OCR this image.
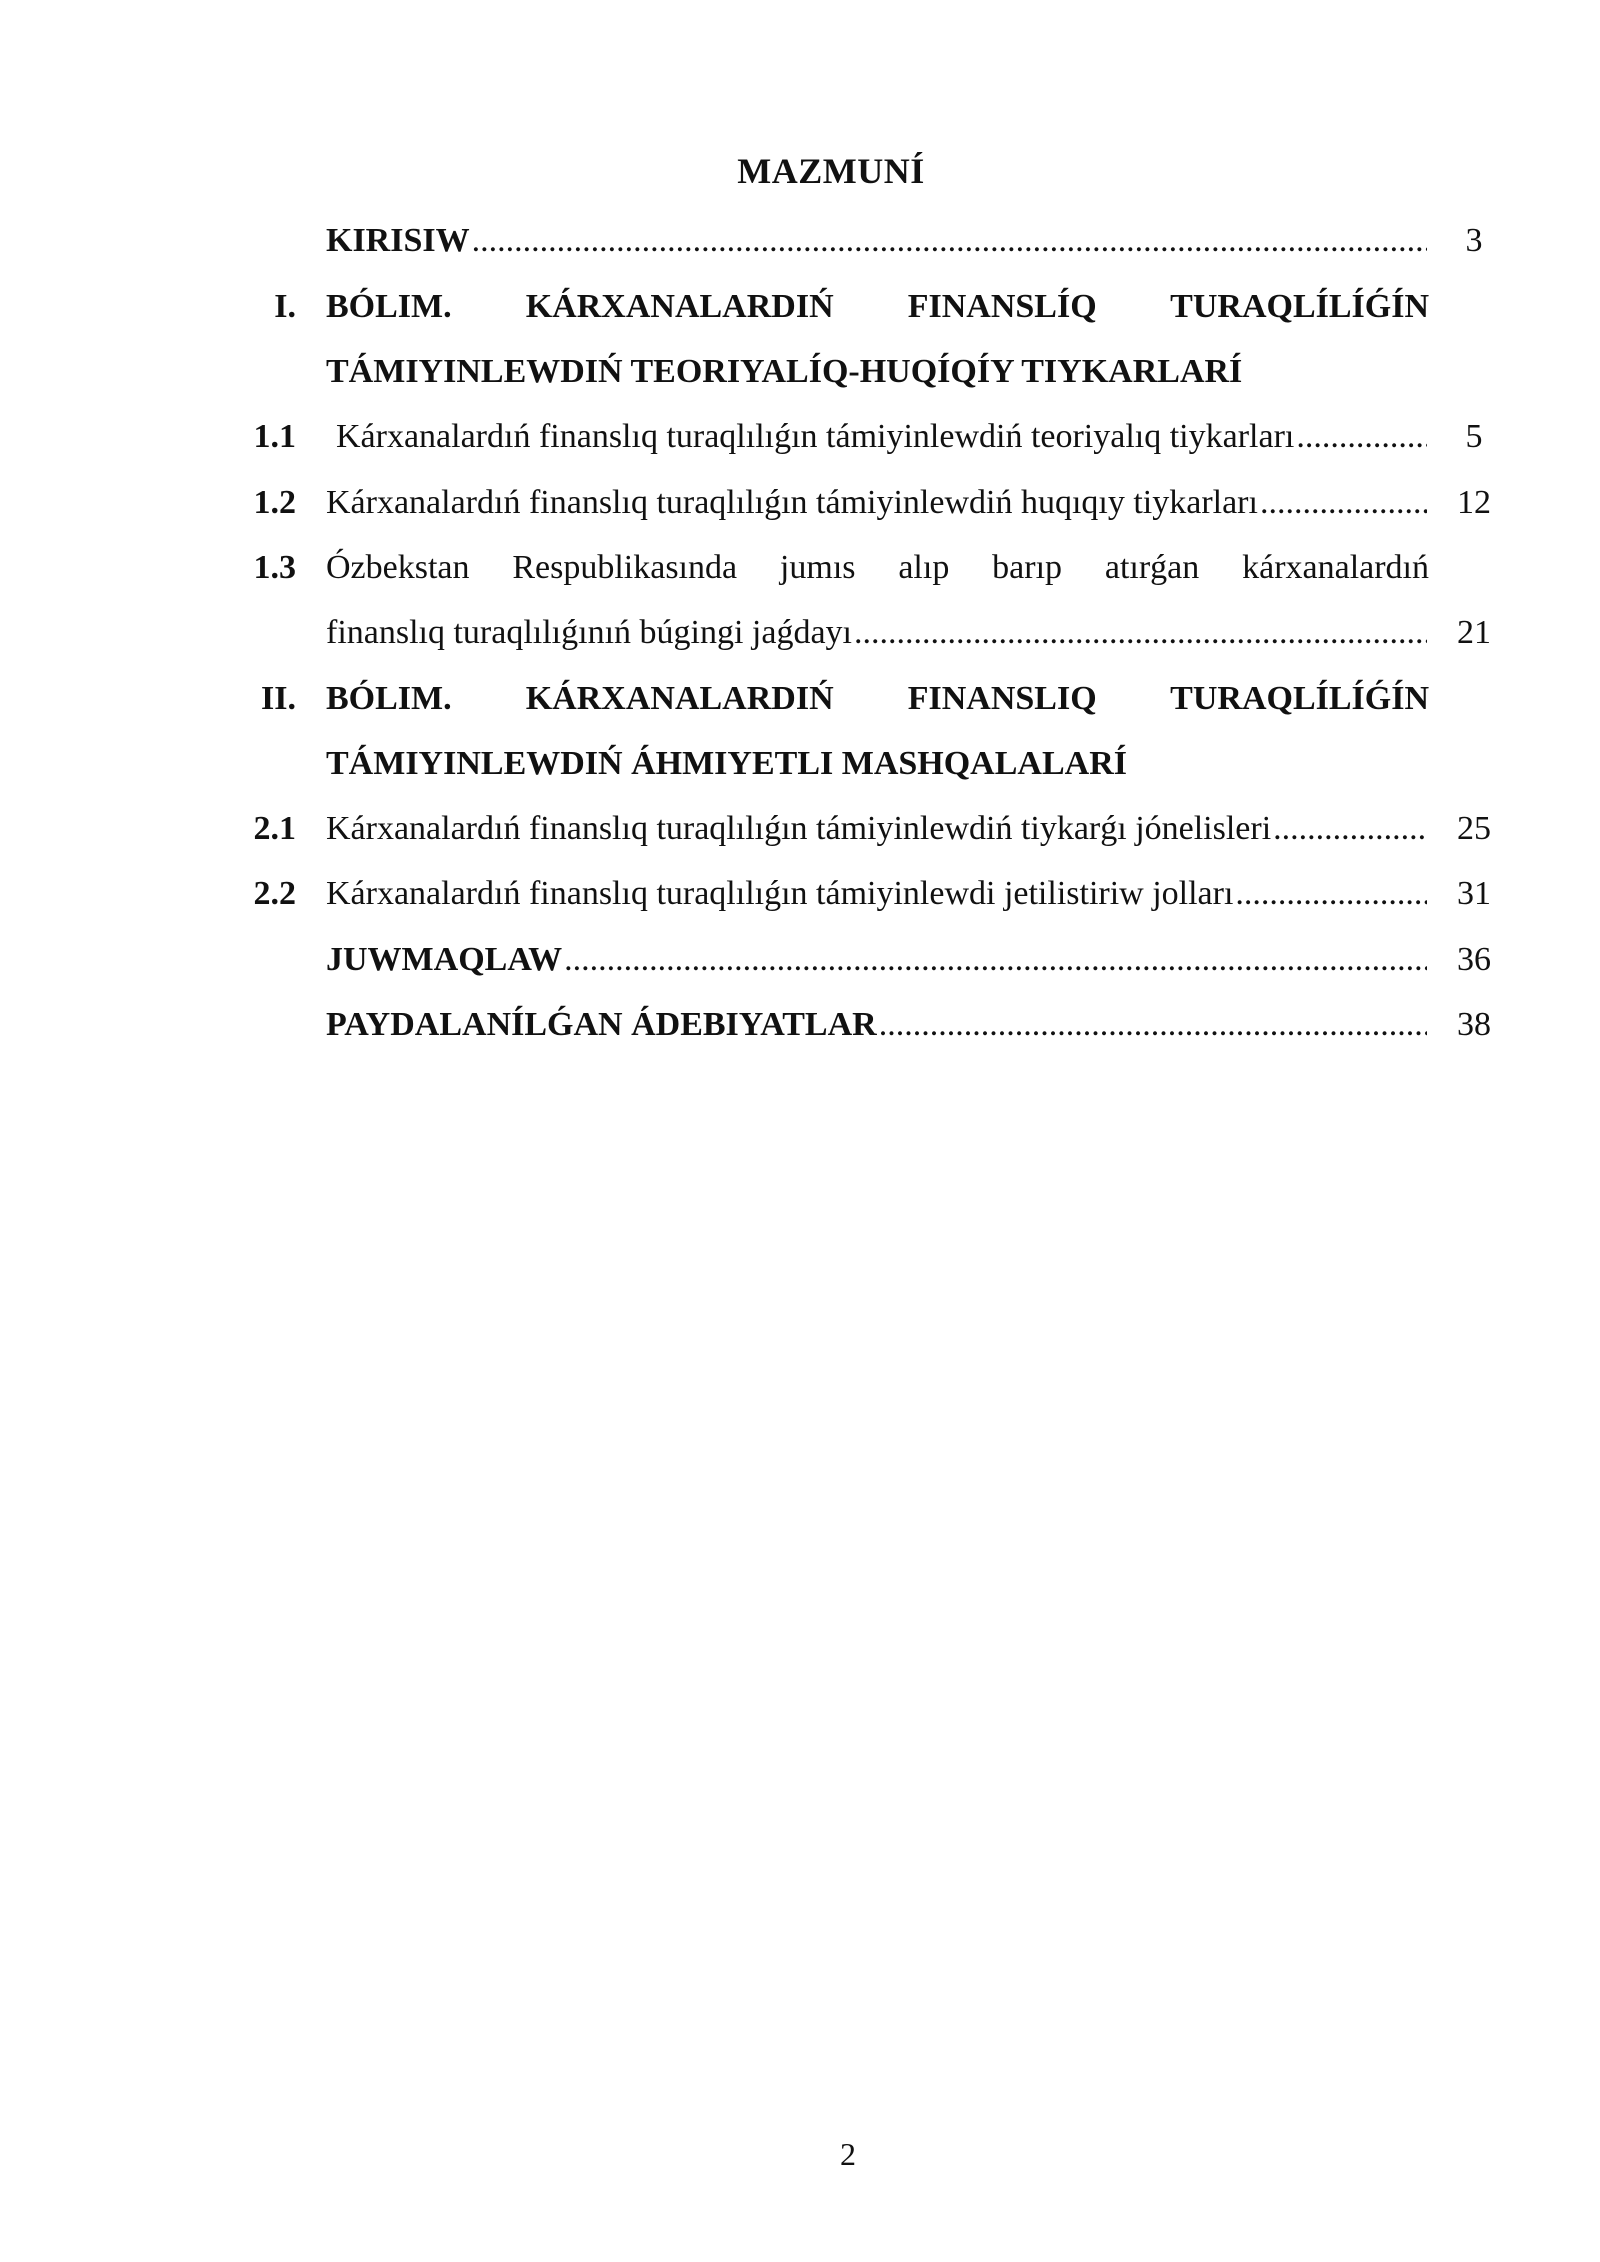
MAZMUNÍ
KIRISIW .....	3
I. BÓLIM. KÁRXANALARDIŃ FINANSLÍQ TURAQLÍLÍǴÍN
TÁMIYINLEWDIŃ TEORIYALÍQ-HUQÍQÍY TIYKARLARÍ
1.1 Kárxanalardıń finanslıq turaqlılıǵın támiyinlewdiń teoriyalıq tiykarları .....	5
1.2 Kárxanalardıń finanslıq turaqlılıǵın támiyinlewdiń huqıqıy tiykarları .....	12
1.3 Ózbekstan Respublikasında jumıs alıp barıp atırǵan kárxanalardıń
finanslıq turaqlılıǵınıń búgingi jaǵdayı .....	21
II. BÓLIM. KÁRXANALARDIŃ FINANSLIQ TURAQLÍLÍǴÍN
TÁMIYINLEWDIŃ ÁHMIYETLI MASHQALALARÍ
2.1 Kárxanalardıń finanslıq turaqlılıǵın támiyinlewdiń tiykarǵı jónelisleri .....	25
2.2 Kárxanalardıń finanslıq turaqlılıǵın támiyinlewdi jetilistiriw jolları .....	31
JUWMAQLAW .....	36
PAYDALANÍLǴAN ÁDEBIYATLAR .....	38
2
